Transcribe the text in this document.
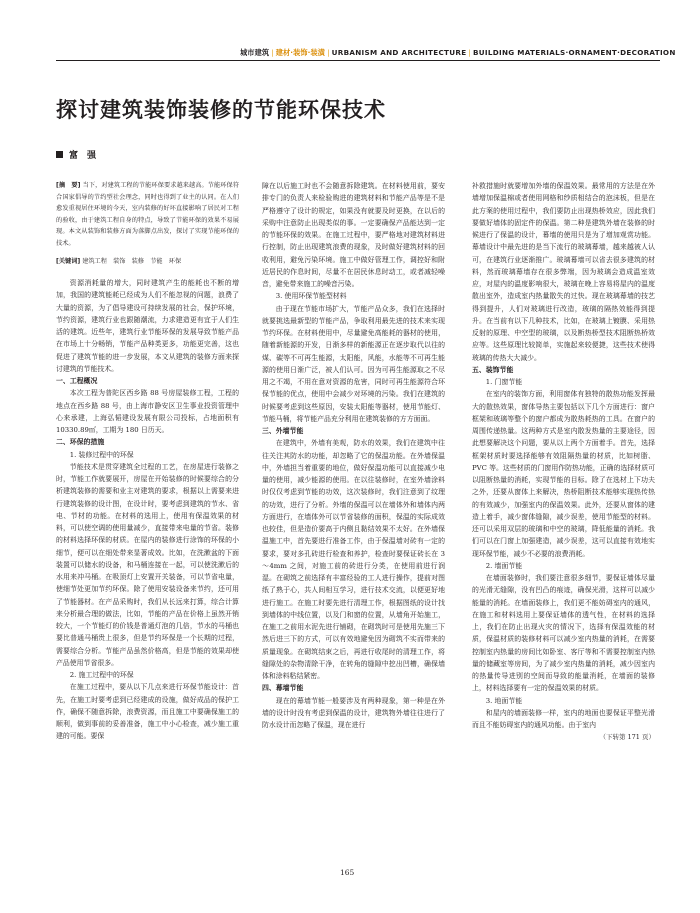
城市建筑 | 建材·装饰·装潢 | URBANISM AND ARCHITECTURE | BUILDING MATERIALS·ORNAMENT·DECORATION
探讨建筑装饰装修的节能环保技术
富　强

[摘　要] 当下，对建筑工程的节能环保要求越来越高。节能环保符合国家倡导的节约型社会理念，同时也得到了业主的认同。在人们愈发重视居住环境的今天，室内装修的好坏直接影响了居民对工程的验收，由于建筑工程自身的特点，导致了节能环保的效果不易展现。本文从装饰和装修方面为落脚点出发，探讨了实现节能环保的技术。

[关键词] 建筑工程　装饰　装修　节能　环保

资源消耗量的增大，同时建筑产生的能耗也不断的增加，我国的建筑能耗已经成为人们不能忽视的问题，浪费了大量的资源，为了倡导建设可持续发展的社会，保护环境，节约资源，建筑行业也跟随潮流，力求建造更有宜于人们生活的建筑。近些年，建筑行业节能环保的发展导致节能产品在市场上十分畅销，节能产品种类更多，功能更完善，这也促进了建筑节能的进一步发展，本文从建筑的装修方面来探讨建筑的节能技术。

一、工程概况

本次工程为普陀区西乡路 88 号房屋装修工程，工程的地点在西乡路 88 号，由上海市静安区卫生事业投资管理中心来承建，上海弘韬建设发展有限公司投标，占地面积有 10330.89㎡，工期为 180 日历天。

二、环保的措施

1. 装修过程中的环保

节能技术是贯穿建筑全过程的工艺，在房屋进行装修之时，节能工作就要展开，房屋在开始装修的时候要综合的分析建筑装修的需要和业主对建筑的要求，根据以上需要来进行建筑装修的设计图，在设计时，要考虑到建筑的节水、省电、节材的功能。在材料的选用上，使用有保温效果的材料，可以使空调的使用量减少，直接带来电量的节省。装修的材料选择环保的材质。在屋内的装修进行涂饰的环保的小细节，便可以在细处带来显著成效。比如，在洗漱盆的下面装置可以储水的设备，和马桶连接在一起，可以使洗漱后的水用来冲马桶。在吸顶灯上安置开关装备，可以节省电量，使细节处更加节约环保。除了使用安装设备来节约，还可用了节能器材。在产品采购时，我们从长远来打算，综合计算来分析最合理的做法，比如，节能的产品在价格上虽然开销较大，一个节能灯的价钱是普通灯泡的几倍，节水的马桶也要比普通马桶贵上很多，但是节约环保是一个长期的过程，需要综合分析。节能产品虽然价格高，但是节能的效果却使产品使用节省很多。

2. 施工过程中的环保

在施工过程中，要从以下几点来进行环保节能设计：首先，在施工时要考虑到已经建成的设施，做好成品的保护工作，确保不随意拆除，浪费资源，而且施工中要确保施工的顺利，做到事前的妥善准备，施工中小心检查，减少施工重建的可能。要保

障在以后施工时也不会随意拆除建筑。在材料使用前，要安排专门的负责人来检验购进的建筑材料和节能产品等是不是严格遵守了设计的规定，如果没有就要及时更换，在以后的采购中注意防止出现类似的事。一定要确保产品能达到一定的节能环保的效果。在施工过程中，要严格地对建筑材料进行控制，防止出现建筑浪费的现象，及时做好建筑材料的回收利用，避免污染环境。施工中做好管理工作，调控好和附近居民的作息时间，尽量不在居民休息时动工，或者减轻噪音，避免带来施工的噪音污染。

3. 使用环保节能型材料

由于现在节能市场扩大，节能产品众多，我们在选择时就要挑选最新型的节能产品，争取利用最先进的技术来实现节约环保。在材料使用中，尽量避免高能耗的器材的使用，随着新能源的开发，日渐多样的新能源正在逐步取代以往的煤、碳等不可再生能源，太阳能，风能，水能等不可再生能源的使用日渐广泛，被人们认可。因为可再生能源取之不尽用之不竭，不用在意对资源的危害，同时可再生能源符合环保节能的优点，使用中会减少对环境的污染。我们在建筑的时候要考虑到这些原因，安装太阳能等器材，使用节能灯、节能马桶，将节能产品充分利用在建筑装修的方方面面。

三、外墙节能

在建筑中，外墙有美观，防水的效果，我们在建筑中往往关注其防水的功能，却忽略了它的保温功能。在外墙保温中，外墙担当着重要的地位，做好保温功能可以直接减少电量的使用，减少能源的使用。在以往装修时，在室外墙涂料时仅仅考虑到节能的功效，这次装修时，我们注意到了纹理的功效，进行了分析。外墙的保温可以在墙体外和墙体内两方面进行，在墙体外可以节省装修的面积，保温的实际成效也较佳，但是造价要高于内侧且黏结效果不太好。在外墙保温施工中，首先要进行准备工作，由于保温墙对砖有一定的要求，要对多孔砖进行检查和养护，检查时要保证砖长在 3～4mm 之间，对施工前的砖进行分类，在使用前进行润湿。在砌筑之前选择有丰富经验的工人进行操作，提前对图纸了熟于心，共人间相互学习，进行技术交流，以便更好地进行施工。在施工时要先进行清理工作，根据图纸的设计找到墙体的中线位置，以及门和窗的位置，从墙角开始施工，在施工之前用水泥先进行铺砌，在砌筑时可是使用先施三下然后进三下的方式，可以有效地避免因为砌筑不实而带来的质量现象。在砌筑结束之后，再进行收尾时的清理工作，将缝隙处的杂物清除干净，在转角的缝隙中挖出凹槽，确保墙体和涂料粘结紧密。

四、幕墙节能

现在的幕墙节能一般要涉及有两种现象，第一种是在外墙的设计时没有考虑到保温的设计，建筑物外墙往往进行了防水设计而忽略了保温，现在进行

补救措施时就要增加外墙的保温效果。最常用的方法是在外墙增加保温棉或者使用网格和纱质相结合的泡沫板，但是在此方案的使用过程中，我们要防止出现热桥效应，因此我们要做好墙体的固定件的保温。第二种是建筑外墙在装修的时候进行了保温的设计，幕墙的使用只是为了增加观赏功能。幕墙设计中最先进的是当下流行的玻璃幕墙，越来越被人认可，在建筑行业逐渐推广。玻璃幕墙可以省去很多建筑的材料，然而玻璃幕墙存在很多弊端，因为玻璃会造成温室效应，对屋内的温度影响很大，玻璃在晚上容易将屋内的温度散出室外，造成室内热量散失的过快。现在玻璃幕墙的技艺得到提升，人们对玻璃进行改造，玻璃的隔热效能得到提升。在当前有以下几种技术，比如，在玻璃上镀膜、采用热反射的原理、中空型的玻璃，以及断热桥型技术阻断热桥效应等。这些原理比较简单，实施起来较便捷，这些技术使得玻璃的传热大大减少。

五、装饰节能

1. 门窗节能

在室内的装饰方面，利用窗体有独特的散热功能发挥最大的散热效果，窗体导热主要包括以下几个方面进行：窗户框架和玻璃等整个的窗户都成为散热耗热的工具。在窗户的周围传递热量。这两种方式是室内散发热量的主要途径，因此想要解决这个问题，要从以上两个方面着手。首先，选择框架材质时要选择能够有效阻隔热量的材质，比如树脂、PVC 等。这些材质的门窗用作防热功能，正确的选择材质可以阻断热量的消耗，实现节能的目标。除了在选材上下功夫之外，还要从窗体上来解决，热桥阻断技术能够实现热传热的有效减少，加强室内的保温效果。此外，还要从窗体的建造上着手，减少窗体缝隙，减少误差，使用节能型的材料。还可以采用双层的玻璃和中空的玻璃，降低能量的消耗。我们可以在门窗上加强建造，减少误差，这可以直接有效地实现环保节能，减少不必要的浪费消耗。

2. 墙面节能

在墙面装修时，我们要注意很多细节，要保证墙体尽量的光滑无缝隙，没有凹凸的痕迹，确保光滑，这样可以减少能量的消耗。在墙面装修上，我们更不能妨碍室内的通风，在施工和材料选用上要保证墙体的透气性，在材料的选择上，我们在防止出现火灾的情况下，选择有保温效能的材质，保温材质的装修材料可以减少室内热量的消耗，在需要控制室内热量的房间比如卧室、客厅等和不需要控制室内热量的储藏室等房间，为了减少室内热量的消耗，减少因室内的热量传导进别的空间而导致的能量消耗，在墙面的装修上，材料选择要有一定的保温效果的材质。

3. 地面节能

和屋内的墙面装修一样，室内的地面也要保证平整光滑而且不能妨碍室内的通风功能。由于室内

（下转第 171 页）

165
